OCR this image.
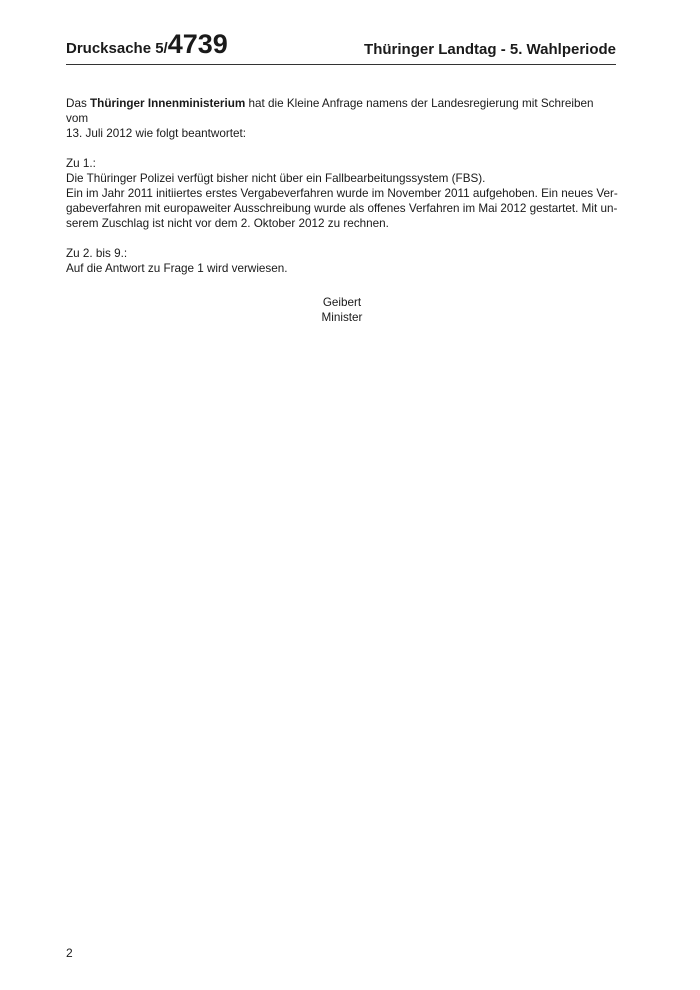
Drucksache 5/4739	Thüringer Landtag - 5. Wahlperiode

Das Thüringer Innenministerium hat die Kleine Anfrage namens der Landesregierung mit Schreiben vom
13. Juli 2012 wie folgt beantwortet:

Zu 1.:

Die Thüringer Polizei verfügt bisher nicht über ein Fallbearbeitungssystem (FBS).

Ein im Jahr 2011 initiiertes erstes Vergabeverfahren wurde im November 2011 aufgehoben. Ein neues Ver-

gabeverfahren mit europaweiter Ausschreibung wurde als offenes Verfahren im Mai 2012 gestartet. Mit un-

serem Zuschlag ist nicht vor dem 2. Oktober 2012 zu rechnen.

Zu 2. bis 9.:

Auf die Antwort zu Frage 1 wird verwiesen.

Geibert

Minister

2
